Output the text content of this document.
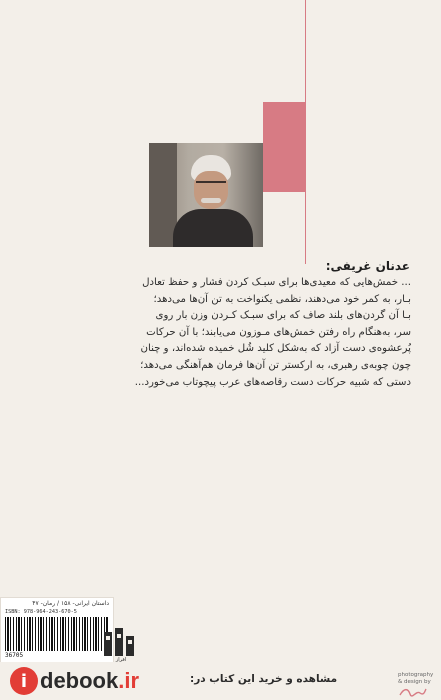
عدنان غریفی:
... خمش‌هایی که معیدی‌ها برای سبـک کردن فشار و حفظ تعادل
بـار، به کمر خود می‌دهند، نظمی یکنواخت به تن آن‌ها می‌دهد؛
بـا آن گردن‌های بلند صاف که برای سبـک کـردن وزن بار روی
سر، به‌هنگام راه رفتن خمش‌های مـوزون می‌یابند؛ با آن حرکات
پُرعشوه‌ی دست آزاد که به‌شکل کلید شُل خمیده شده‌اند، و چنان
چون چوبه‌ی رهبری، به ارکستر تن آن‌ها فرمان هم‌آهنگی می‌دهد؛
دستی که شبیه حرکات دست رقاصه‌های عرب پیچوتاب می‌خورد...
داستان ایرانی- ۱۵۸ / رمان- ۴۷
ISBN: 978-964-243-670-5
36705
افراز
i debook .ir	مشاهده و خرید این کتاب در:	photography
& design by
